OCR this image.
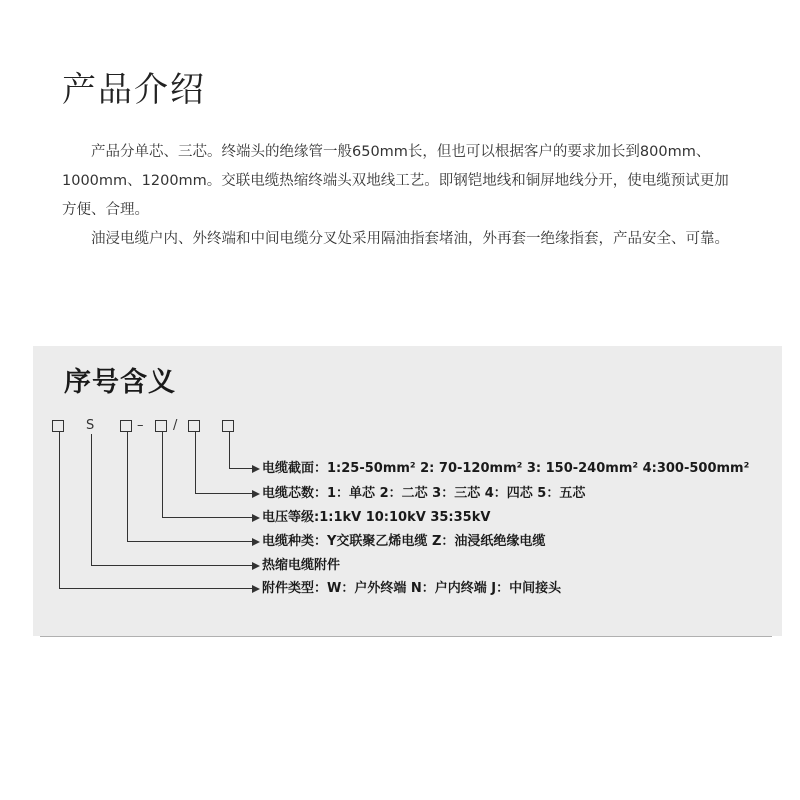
产品介绍

产品分单芯、三芯。终端头的绝缘管一般650mm长，但也可以根据客户的要求加长到800mm、1000mm、1200mm。交联电缆热缩终端头双地线工艺。即钢铠地线和铜屏地线分开，使电缆预试更加方便、合理。

油浸电缆户内、外终端和中间电缆分叉处采用隔油指套堵油，外再套一绝缘指套，产品安全、可靠。

序号含义
S	– /
电缆截面：1:25-50mm² 2: 70-120mm² 3: 150-240mm² 4:300-500mm²
电缆芯数：1：单芯 2：二芯 3：三芯 4：四芯 5：五芯
电压等级:1:1kV 10:10kV 35:35kV
电缆种类：Y交联聚乙烯电缆 Z：油浸纸绝缘电缆
热缩电缆附件
附件类型：W：户外终端 N：户内终端 J：中间接头
